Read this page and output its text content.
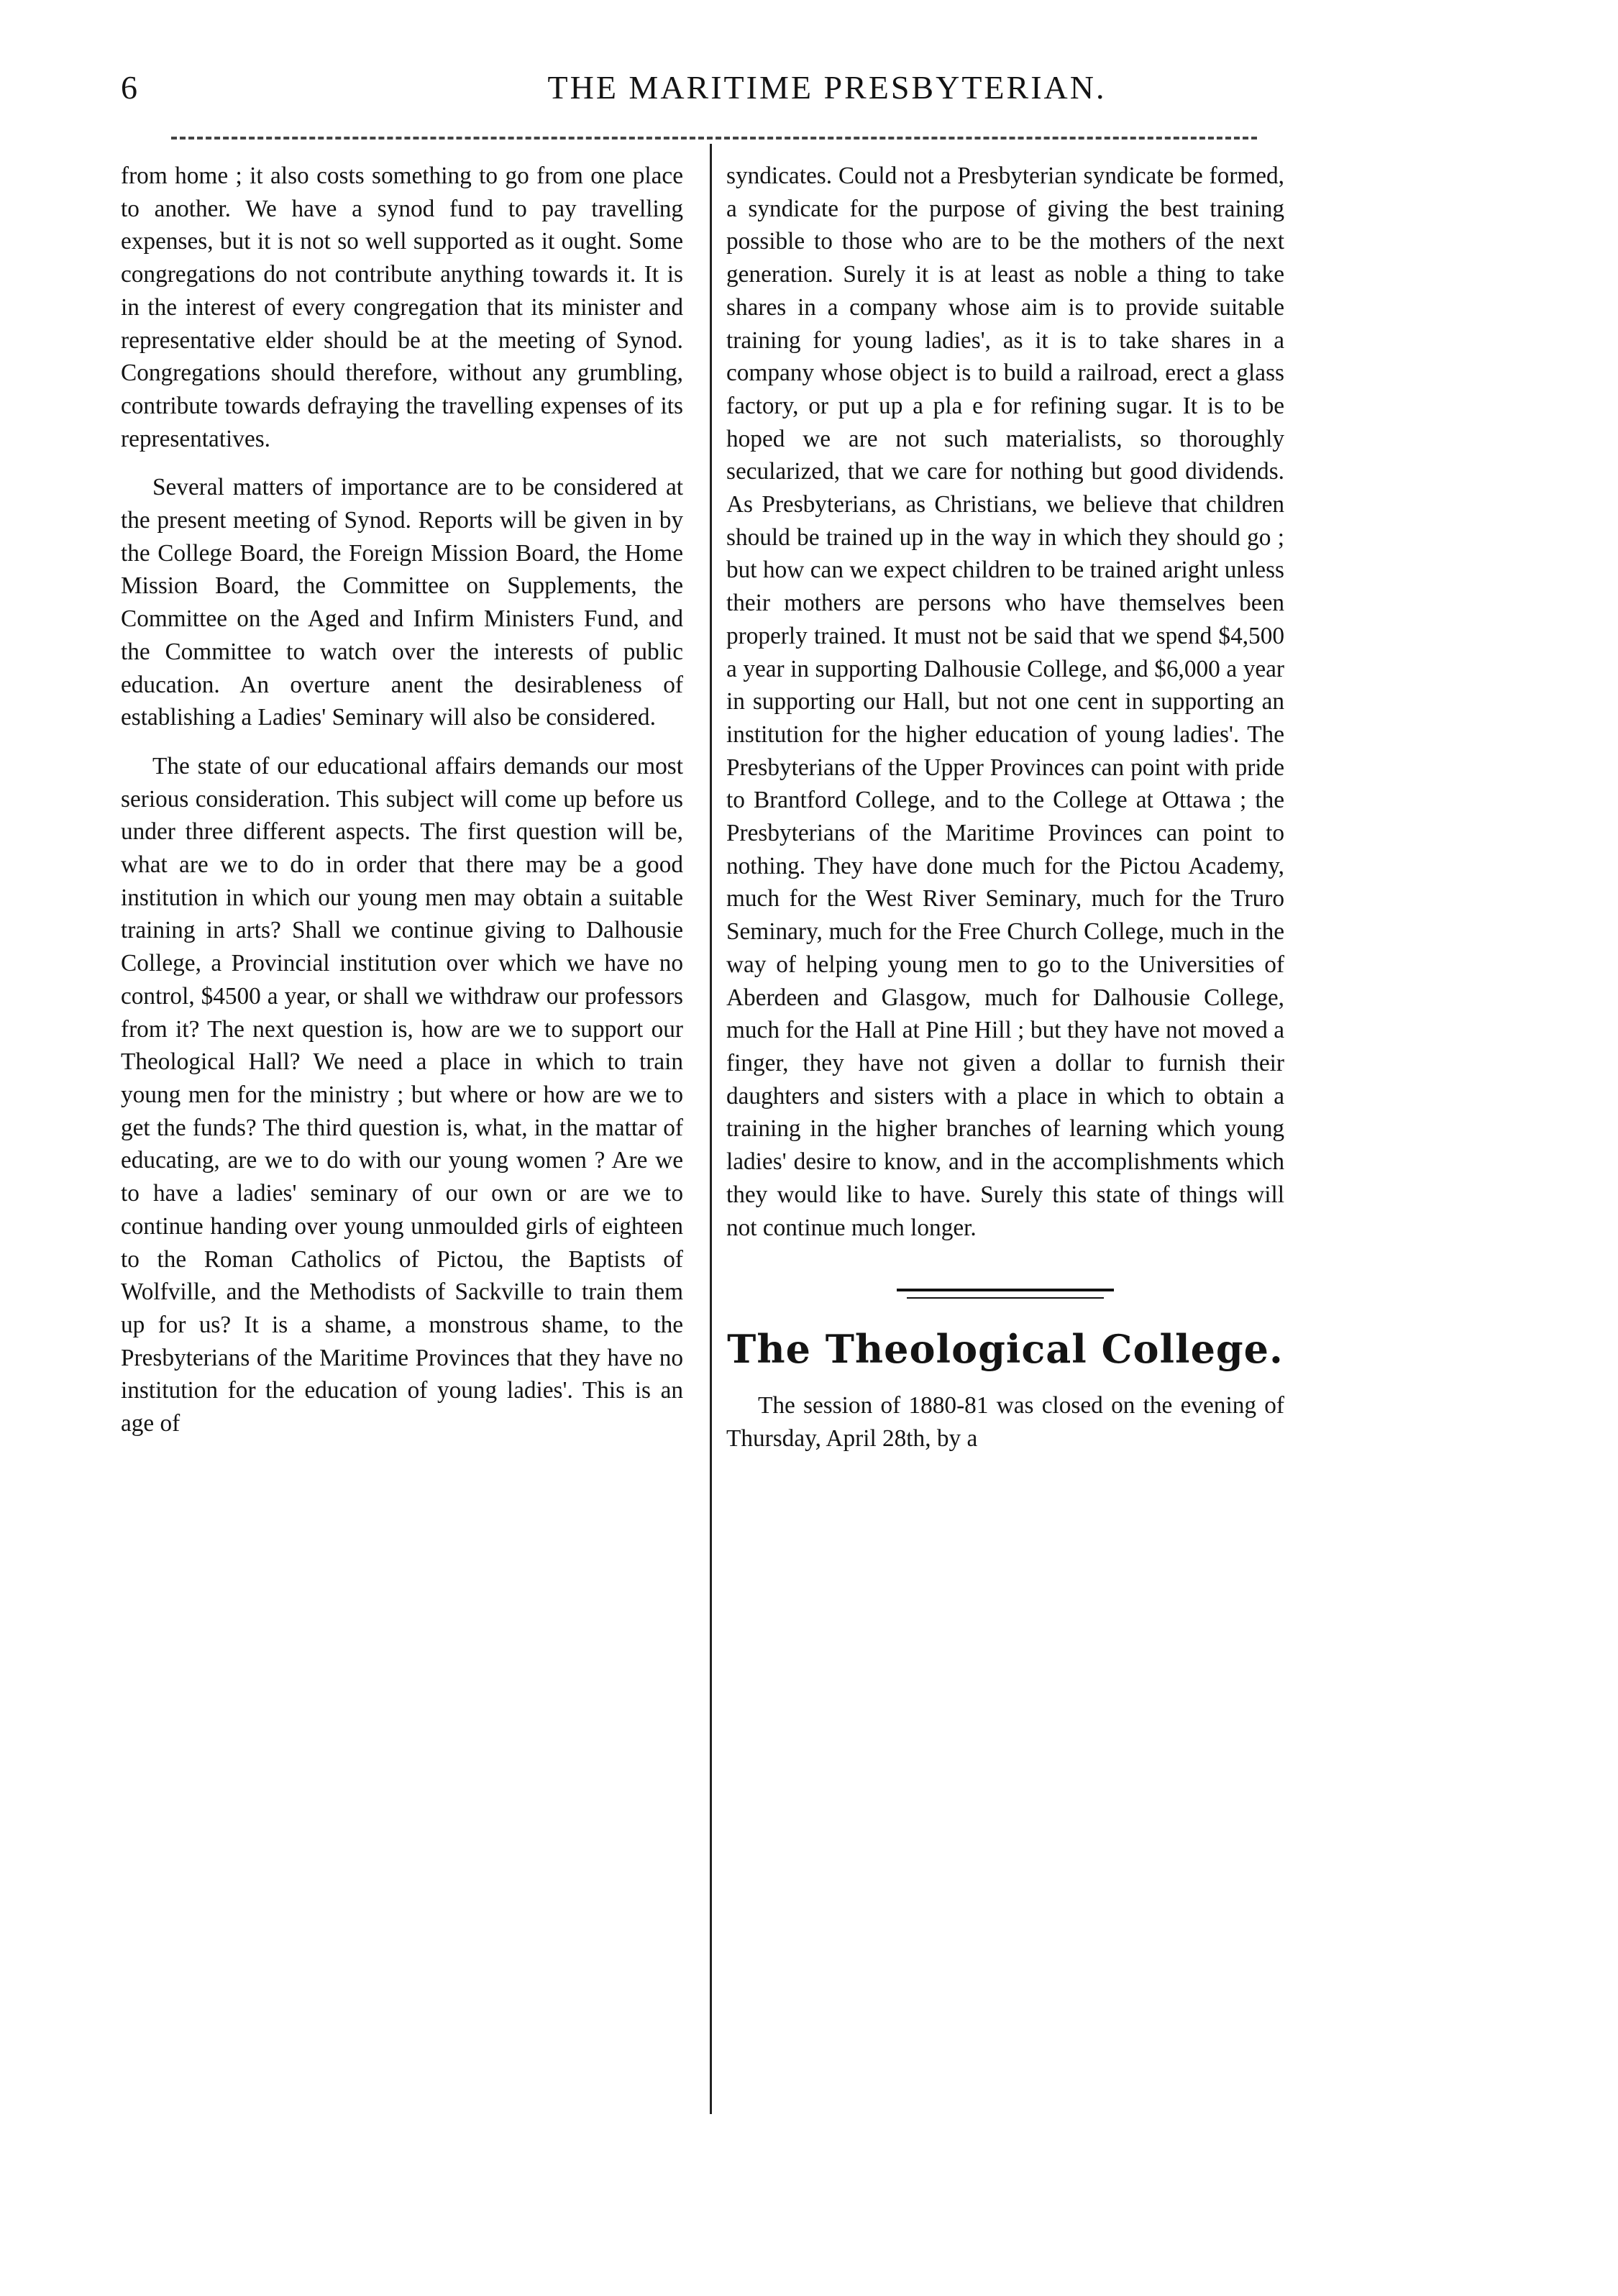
6	THE MARITIME PRESBYTERIAN.

from home ; it also costs something to go from one place to another. We have a synod fund to pay travelling expenses, but it is not so well supported as it ought. Some congregations do not contribute anything towards it. It is in the interest of every congregation that its minister and representative elder should be at the meeting of Synod. Congregations should therefore, without any grumbling, contribute towards defraying the travelling expenses of its representatives.

Several matters of importance are to be considered at the present meeting of Synod. Reports will be given in by the College Board, the Foreign Mission Board, the Home Mission Board, the Committee on Supplements, the Committee on the Aged and Infirm Ministers Fund, and the Committee to watch over the interests of public education. An overture anent the desirableness of establishing a Ladies' Seminary will also be considered.

The state of our educational affairs demands our most serious consideration. This subject will come up before us under three different aspects. The first question will be, what are we to do in order that there may be a good institution in which our young men may obtain a suitable training in arts? Shall we continue giving to Dalhousie College, a Provincial institution over which we have no control, $4500 a year, or shall we withdraw our professors from it? The next question is, how are we to support our Theological Hall? We need a place in which to train young men for the ministry ; but where or how are we to get the funds? The third question is, what, in the mattar of educating, are we to do with our young women ? Are we to have a ladies' seminary of our own or are we to continue handing over young unmoulded girls of eighteen to the Roman Catholics of Pictou, the Baptists of Wolfville, and the Methodists of Sackville to train them up for us? It is a shame, a monstrous shame, to the Presbyterians of the Maritime Provinces that they have no institution for the education of young ladies'. This is an age of

syndicates. Could not a Presbyterian syndicate be formed, a syndicate for the purpose of giving the best training possible to those who are to be the mothers of the next generation. Surely it is at least as noble a thing to take shares in a company whose aim is to provide suitable training for young ladies', as it is to take shares in a company whose object is to build a railroad, erect a glass factory, or put up a pla e for refining sugar. It is to be hoped we are not such materialists, so thoroughly secularized, that we care for nothing but good dividends. As Presbyterians, as Christians, we believe that children should be trained up in the way in which they should go ; but how can we expect children to be trained aright unless their mothers are persons who have themselves been properly trained. It must not be said that we spend $4,500 a year in supporting Dalhousie College, and $6,000 a year in supporting our Hall, but not one cent in supporting an institution for the higher education of young ladies'. The Presbyterians of the Upper Provinces can point with pride to Brantford College, and to the College at Ottawa ; the Presbyterians of the Maritime Provinces can point to nothing. They have done much for the Pictou Academy, much for the West River Seminary, much for the Truro Seminary, much for the Free Church College, much in the way of helping young men to go to the Universities of Aberdeen and Glasgow, much for Dalhousie College, much for the Hall at Pine Hill ; but they have not moved a finger, they have not given a dollar to furnish their daughters and sisters with a place in which to obtain a training in the higher branches of learning which young ladies' desire to know, and in the accomplishments which they would like to have. Surely this state of things will not continue much longer.

The Theological College.
The session of 1880-81 was closed on the evening of Thursday, April 28th, by a
